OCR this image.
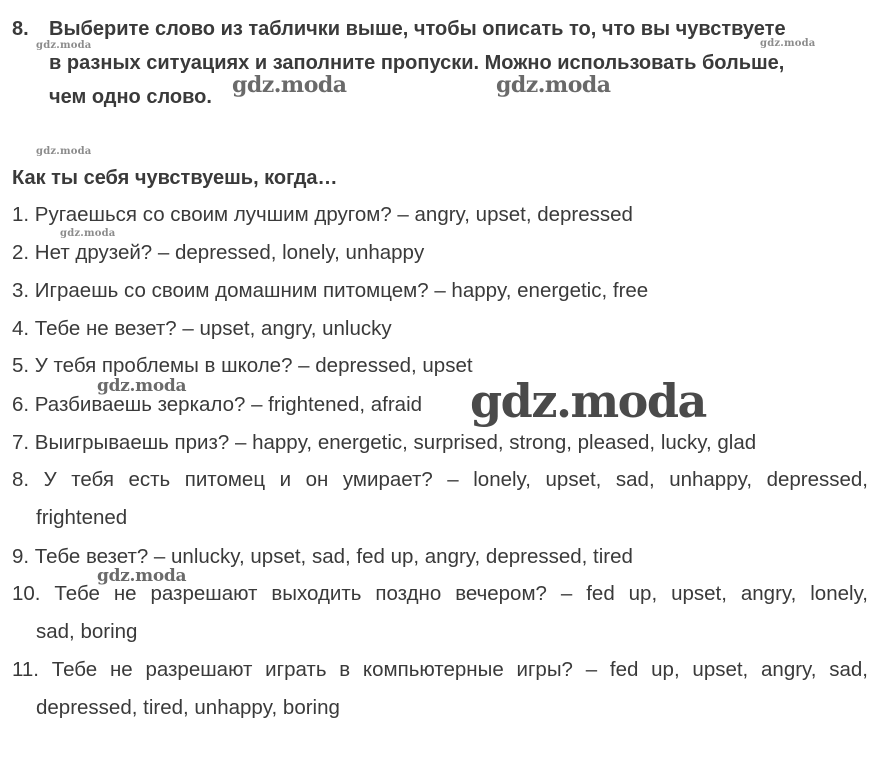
8. Выберите слово из таблички выше, чтобы описать то, что вы чувствуете
в разных ситуациях и заполните пропуски. Можно использовать больше,
чем одно слово.
Как ты себя чувствуешь, когда…
1. Ругаешься со своим лучшим другом? – angry, upset, depressed
2. Нет друзей? – depressed, lonely, unhappy
3. Играешь со своим домашним питомцем? – happy, energetic, free
4. Тебе не везет? – upset, angry, unlucky
5. У тебя проблемы в школе? – depressed, upset
6. Разбиваешь зеркало? – frightened, afraid
7. Выигрываешь приз? – happy, energetic, surprised, strong, pleased, lucky, glad
8. У тебя есть питомец и он умирает? – lonely, upset, sad, unhappy, depressed,
frightened
9. Тебе везет? – unlucky, upset, sad, fed up, angry, depressed, tired
10. Тебе не разрешают выходить поздно вечером? – fed up, upset, angry, lonely,
sad, boring
11. Тебе не разрешают играть в компьютерные игры? – fed up, upset, angry, sad,
depressed, tired, unhappy, boring
gdz.moda	gdz.moda
gdz.moda	gdz.moda
gdz.moda
gdz.moda
gdz.moda	gdz.moda
gdz.moda
